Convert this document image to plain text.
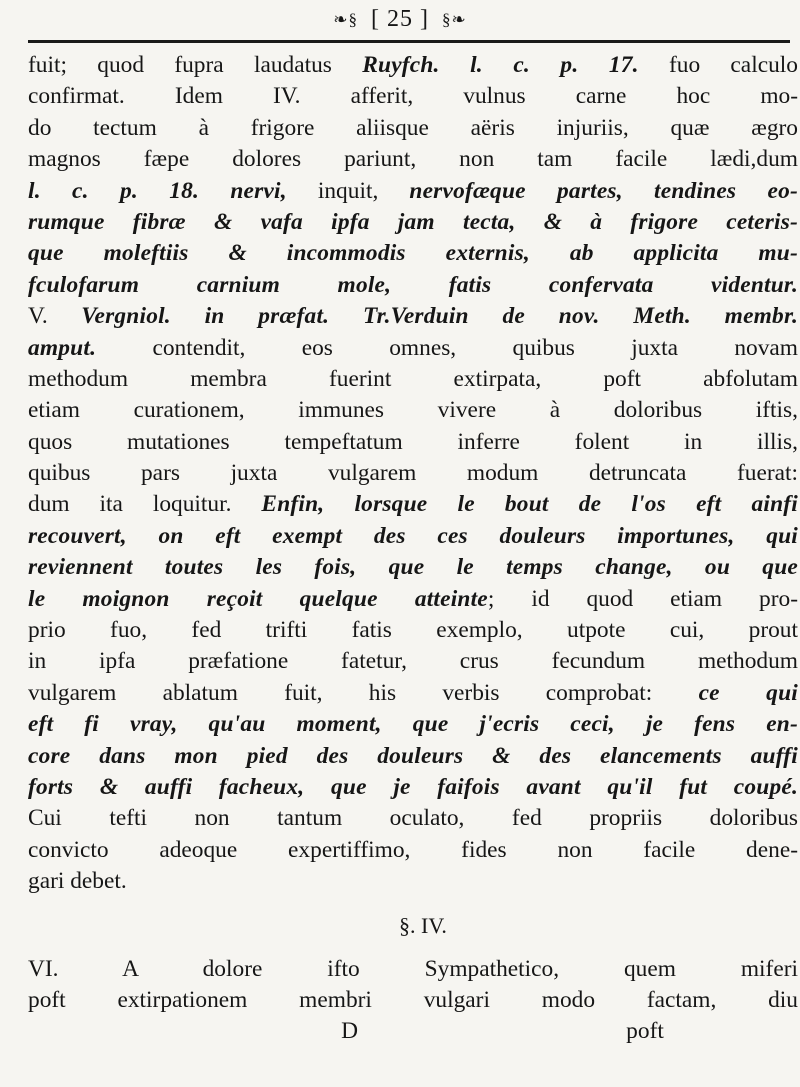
❧§ [ 25 ] §❧
fuit; quod fupra laudatus Ruyfch. l. c. p. 17. fuo calculo
confirmat. Idem IV. afferit, vulnus carne hoc mo-
do tectum à frigore aliisque aëris injuriis, quæ ægro
magnos fæpe dolores pariunt, non tam facile lædi,dum
l. c. p. 18. nervi, inquit, nervofæque partes, tendines eo-
rumque fibræ & vafa ipfa jam tecta, & à frigore ceteris-
que moleftiis & incommodis externis, ab applicita mu-
fculofarum carnium mole, fatis confervata videntur.
V. Vergniol. in præfat. Tr.Verduin de nov. Meth. membr.
amput. contendit, eos omnes, quibus juxta novam
methodum membra fuerint extirpata, poft abfolutam
etiam curationem, immunes vivere à doloribus iftis,
quos mutationes tempeftatum inferre folent in illis,
quibus pars juxta vulgarem modum detruncata fuerat:
dum ita loquitur. Enfin, lorsque le bout de l'os eft ainfi
recouvert, on eft exempt des ces douleurs importunes, qui
reviennent toutes les fois, que le temps change, ou que
le moignon reçoit quelque atteinte; id quod etiam pro-
prio fuo, fed trifti fatis exemplo, utpote cui, prout
in ipfa præfatione fatetur, crus fecundum methodum
vulgarem ablatum fuit, his verbis comprobat: ce qui
eft fi vray, qu'au moment, que j'ecris ceci, je fens en-
core dans mon pied des douleurs & des elancements auffi
forts & auffi facheux, que je faifois avant qu'il fut coupé.
Cui tefti non tantum oculato, fed propriis doloribus
convicto adeoque expertiffimo, fides non facile dene-
gari debet.
§. IV.
VI. A dolore ifto Sympathetico, quem miferi
poft extirpationem membri vulgari modo factam, diu
D	poft
